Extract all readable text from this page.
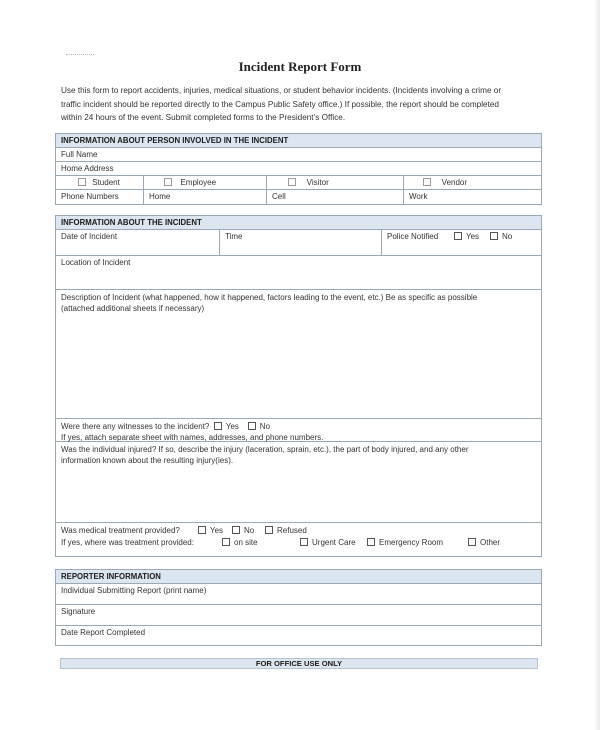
Incident Report Form

Use this form to report accidents, injuries, medical situations, or student behavior incidents. (Incidents involving a crime or

traffic incident should be reported directly to the Campus Public Safety office.) If possible, the report should be completed

within 24 hours of the event. Submit completed forms to the President’s Office.

INFORMATION ABOUT PERSON INVOLVED IN THE INCIDENT
Full Name
Home Address
Student	Employee	Visitor	Vendor
Phone Numbers	Home	Cell	Work
INFORMATION ABOUT THE INCIDENT
Date of Incident	Time	Police Notified	Yes	No
Location of Incident
Description of Incident (what happened, how it happened, factors leading to the event, etc.) Be as specific as possible
(attached additional sheets if necessary)
Were there any witnesses to the incident? Yes	No
If yes, attach separate sheet with names, addresses, and phone numbers.
Was the individual injured? If so, describe the injury (laceration, sprain, etc.), the part of body injured, and any other
information known about the resulting injury(ies).
Was medical treatment provided?	Yes	No	Refused
If yes, where was treatment provided:	on site	Urgent Care	Emergency Room	Other
REPORTER INFORMATION
Individual Submitting Report (print name)
Signature
Date Report Completed
FOR OFFICE USE ONLY
